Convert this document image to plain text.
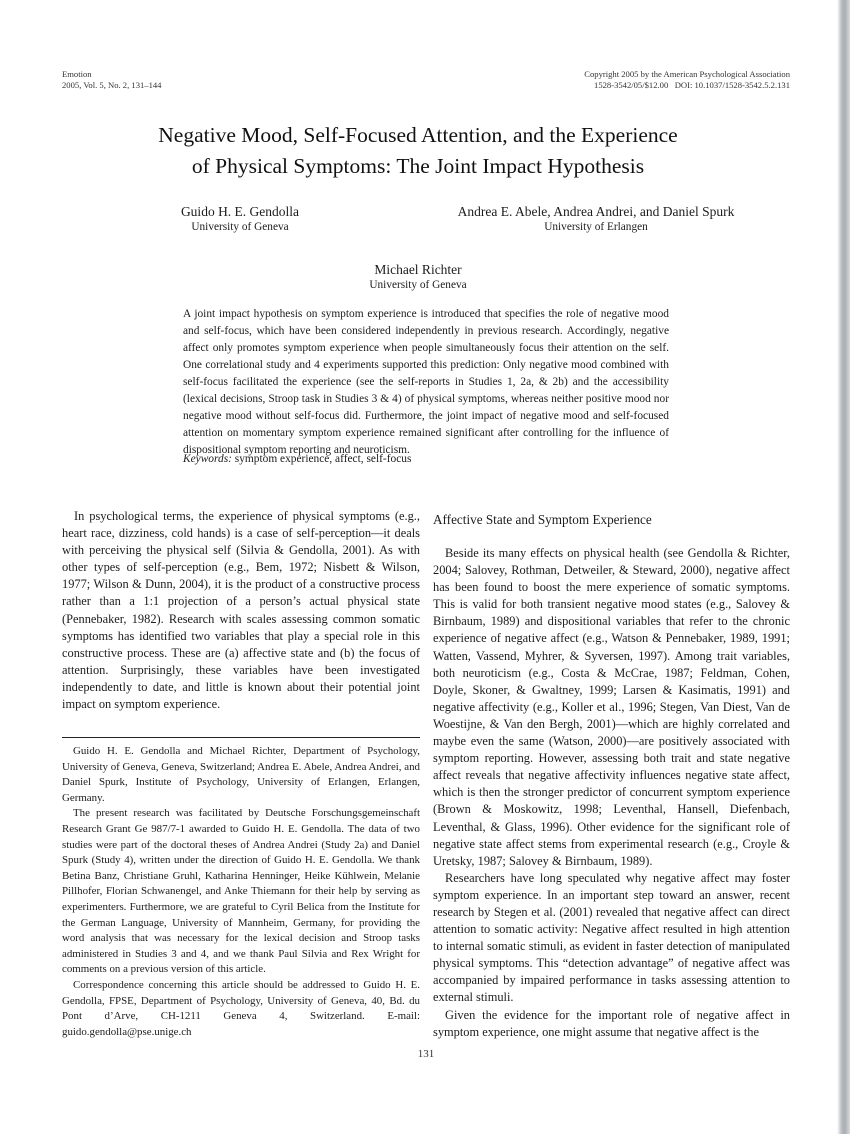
Emotion
2005, Vol. 5, No. 2, 131–144
Copyright 2005 by the American Psychological Association
1528-3542/05/$12.00   DOI: 10.1037/1528-3542.5.2.131
Negative Mood, Self-Focused Attention, and the Experience of Physical Symptoms: The Joint Impact Hypothesis
Guido H. E. Gendolla
University of Geneva
Andrea E. Abele, Andrea Andrei, and Daniel Spurk
University of Erlangen
Michael Richter
University of Geneva
A joint impact hypothesis on symptom experience is introduced that specifies the role of negative mood and self-focus, which have been considered independently in previous research. Accordingly, negative affect only promotes symptom experience when people simultaneously focus their attention on the self. One correlational study and 4 experiments supported this prediction: Only negative mood combined with self-focus facilitated the experience (see the self-reports in Studies 1, 2a, & 2b) and the accessibility (lexical decisions, Stroop task in Studies 3 & 4) of physical symptoms, whereas neither positive mood nor negative mood without self-focus did. Furthermore, the joint impact of negative mood and self-focused attention on momentary symptom experience remained significant after controlling for the influence of dispositional symptom reporting and neuroticism.
Keywords: symptom experience, affect, self-focus

In psychological terms, the experience of physical symptoms (e.g., heart race, dizziness, cold hands) is a case of self-perception—it deals with perceiving the physical self (Silvia & Gendolla, 2001). As with other types of self-perception (e.g., Bem, 1972; Nisbett & Wilson, 1977; Wilson & Dunn, 2004), it is the product of a constructive process rather than a 1:1 projection of a person’s actual physical state (Pennebaker, 1982). Research with scales assessing common somatic symptoms has identified two variables that play a special role in this constructive process. These are (a) affective state and (b) the focus of attention. Surprisingly, these variables have been investigated independently to date, and little is known about their potential joint impact on symptom experience.

Affective State and Symptom Experience

Beside its many effects on physical health (see Gendolla & Richter, 2004; Salovey, Rothman, Detweiler, & Steward, 2000), negative affect has been found to boost the mere experience of somatic symptoms. This is valid for both transient negative mood states (e.g., Salovey & Birnbaum, 1989) and dispositional variables that refer to the chronic experience of negative affect (e.g., Watson & Pennebaker, 1989, 1991; Watten, Vassend, Myhrer, & Syversen, 1997). Among trait variables, both neuroticism (e.g., Costa & McCrae, 1987; Feldman, Cohen, Doyle, Skoner, & Gwaltney, 1999; Larsen & Kasimatis, 1991) and negative affectivity (e.g., Koller et al., 1996; Stegen, Van Diest, Van de Woestijne, & Van den Bergh, 2001)—which are highly correlated and maybe even the same (Watson, 2000)—are positively associated with symptom reporting. However, assessing both trait and state negative affect reveals that negative affectivity influences negative state affect, which is then the stronger predictor of concurrent symptom experience (Brown & Moskowitz, 1998; Leventhal, Hansell, Diefenbach, Leventhal, & Glass, 1996). Other evidence for the significant role of negative state affect stems from experimental research (e.g., Croyle & Uretsky, 1987; Salovey & Birnbaum, 1989).

Researchers have long speculated why negative affect may foster symptom experience. In an important step toward an answer, recent research by Stegen et al. (2001) revealed that negative affect can direct attention to somatic activity: Negative affect resulted in high attention to internal somatic stimuli, as evident in faster detection of manipulated physical symptoms. This “detection advantage” of negative affect was accompanied by impaired performance in tasks assessing attention to external stimuli.

Given the evidence for the important role of negative affect in symptom experience, one might assume that negative affect is the

Guido H. E. Gendolla and Michael Richter, Department of Psychology, University of Geneva, Geneva, Switzerland; Andrea E. Abele, Andrea Andrei, and Daniel Spurk, Institute of Psychology, University of Erlangen, Erlangen, Germany.

The present research was facilitated by Deutsche Forschungsgemeinschaft Research Grant Ge 987/7-1 awarded to Guido H. E. Gendolla. The data of two studies were part of the doctoral theses of Andrea Andrei (Study 2a) and Daniel Spurk (Study 4), written under the direction of Guido H. E. Gendolla. We thank Betina Banz, Christiane Gruhl, Katharina Henninger, Heike Kühlwein, Melanie Pillhofer, Florian Schwanengel, and Anke Thiemann for their help by serving as experimenters. Furthermore, we are grateful to Cyril Belica from the Institute for the German Language, University of Mannheim, Germany, for providing the word analysis that was necessary for the lexical decision and Stroop tasks administered in Studies 3 and 4, and we thank Paul Silvia and Rex Wright for comments on a previous version of this article.

Correspondence concerning this article should be addressed to Guido H. E. Gendolla, FPSE, Department of Psychology, University of Geneva, 40, Bd. du Pont d’Arve, CH-1211 Geneva 4, Switzerland. E-mail: guido.gendolla@pse.unige.ch

131
